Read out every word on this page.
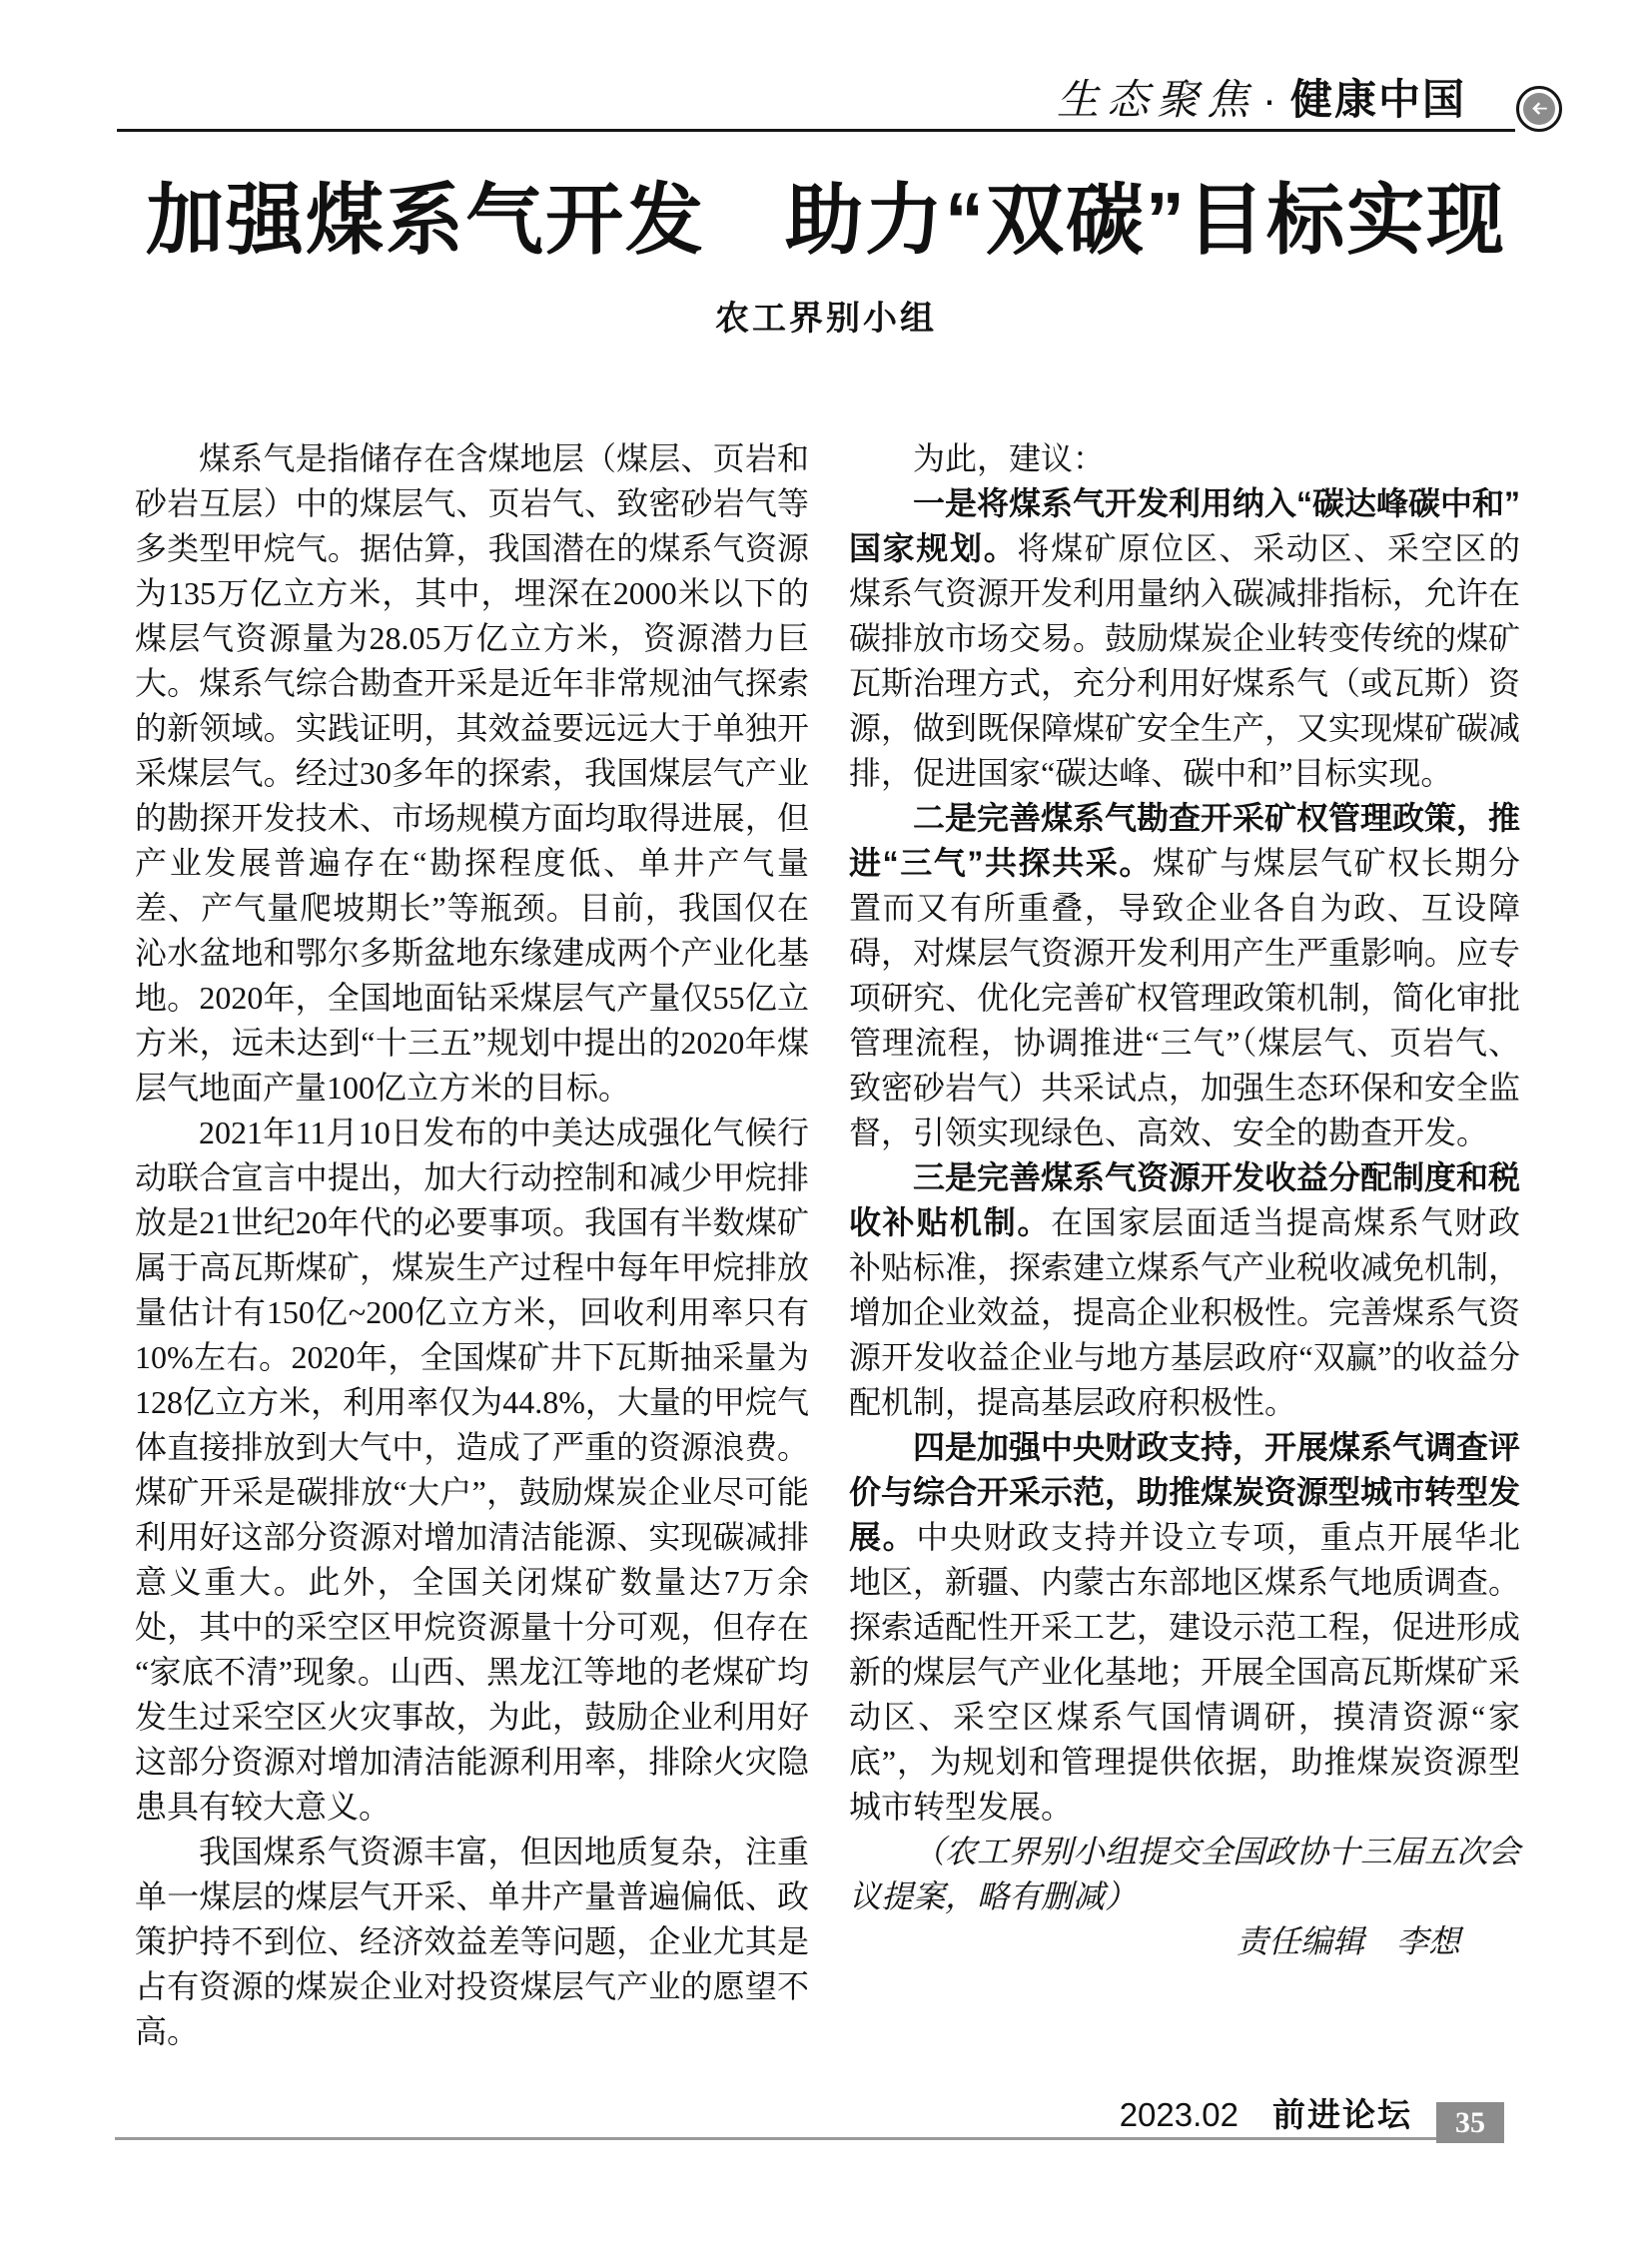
生态聚焦 · 健康中国
加强煤系气开发　助力“双碳”目标实现
农工界别小组

煤系气是指储存在含煤地层（煤层、页岩和砂岩互层）中的煤层气、页岩气、致密砂岩气等多类型甲烷气。据估算，我国潜在的煤系气资源为135万亿立方米，其中，埋深在2000米以下的煤层气资源量为28.05万亿立方米，资源潜力巨大。煤系气综合勘查开采是近年非常规油气探索的新领域。实践证明，其效益要远远大于单独开采煤层气。经过30多年的探索，我国煤层气产业的勘探开发技术、市场规模方面均取得进展，但产业发展普遍存在“勘探程度低、单井产气量差、产气量爬坡期长”等瓶颈。目前，我国仅在沁水盆地和鄂尔多斯盆地东缘建成两个产业化基地。2020年，全国地面钻采煤层气产量仅55亿立方米，远未达到“十三五”规划中提出的2020年煤层气地面产量100亿立方米的目标。

2021年11月10日发布的中美达成强化气候行动联合宣言中提出，加大行动控制和减少甲烷排放是21世纪20年代的必要事项。我国有半数煤矿属于高瓦斯煤矿，煤炭生产过程中每年甲烷排放量估计有150亿~200亿立方米，回收利用率只有10%左右。2020年，全国煤矿井下瓦斯抽采量为128亿立方米，利用率仅为44.8%，大量的甲烷气体直接排放到大气中，造成了严重的资源浪费。煤矿开采是碳排放“大户”，鼓励煤炭企业尽可能利用好这部分资源对增加清洁能源、实现碳减排意义重大。此外，全国关闭煤矿数量达7万余处，其中的采空区甲烷资源量十分可观，但存在“家底不清”现象。山西、黑龙江等地的老煤矿均发生过采空区火灾事故，为此，鼓励企业利用好这部分资源对增加清洁能源利用率，排除火灾隐患具有较大意义。

我国煤系气资源丰富，但因地质复杂，注重单一煤层的煤层气开采、单井产量普遍偏低、政策护持不到位、经济效益差等问题，企业尤其是占有资源的煤炭企业对投资煤层气产业的愿望不高。

为此，建议：

一是将煤系气开发利用纳入“碳达峰碳中和”国家规划。将煤矿原位区、采动区、采空区的煤系气资源开发利用量纳入碳减排指标，允许在碳排放市场交易。鼓励煤炭企业转变传统的煤矿瓦斯治理方式，充分利用好煤系气（或瓦斯）资源，做到既保障煤矿安全生产，又实现煤矿碳减排，促进国家“碳达峰、碳中和”目标实现。

二是完善煤系气勘查开采矿权管理政策，推进“三气”共探共采。煤矿与煤层气矿权长期分置而又有所重叠，导致企业各自为政、互设障碍，对煤层气资源开发利用产生严重影响。应专项研究、优化完善矿权管理政策机制，简化审批管理流程，协调推进“三气”（煤层气、页岩气、致密砂岩气）共采试点，加强生态环保和安全监督，引领实现绿色、高效、安全的勘查开发。

三是完善煤系气资源开发收益分配制度和税收补贴机制。在国家层面适当提高煤系气财政补贴标准，探索建立煤系气产业税收减免机制，增加企业效益，提高企业积极性。完善煤系气资源开发收益企业与地方基层政府“双赢”的收益分配机制，提高基层政府积极性。

四是加强中央财政支持，开展煤系气调查评价与综合开采示范，助推煤炭资源型城市转型发展。中央财政支持并设立专项，重点开展华北地区，新疆、内蒙古东部地区煤系气地质调查。探索适配性开采工艺，建设示范工程，促进形成新的煤层气产业化基地；开展全国高瓦斯煤矿采动区、采空区煤系气国情调研，摸清资源“家底”，为规划和管理提供依据，助推煤炭资源型城市转型发展。

（农工界别小组提交全国政协十三届五次会议提案，略有删减）

责任编辑 李想

2023.02 前进论坛	35
